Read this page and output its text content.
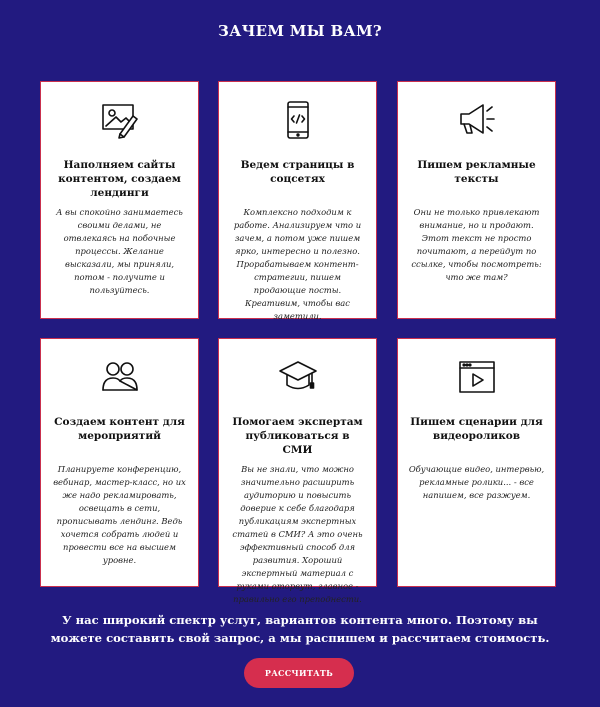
ЗАЧЕМ МЫ ВАМ?
Наполняем сайты контентом, создаем лендинги
А вы спокойно занимаетесь своими делами, не отвлекаясь на побочные процессы. Желание высказали, мы приняли, потом - получите и пользуйтесь.
Ведем страницы в соцсетях
Комплексно подходим к работе. Анализируем что и зачем, а потом уже пишем ярко, интересно и полезно. Прорабатываем контент-стратегии, пишем продающие посты. Креативим, чтобы вас заметили.
Пишем рекламные тексты
Они не только привлекают внимание, но и продают. Этот текст не просто почитают, а перейдут по ссылке, чтобы посмотреть: что же там?
Создаем контент для мероприятий
Планируете конференцию, вебинар, мастер-класс, но их же надо рекламировать, освещать в сети, прописывать лендинг. Ведь хочется собрать людей и провести все на высшем уровне.
Помогаем экспертам публиковаться в СМИ
Вы не знали, что можно значительно расширить аудиторию и повысить доверие к себе благодаря публикациям экспертных статей в СМИ? А это очень эффективный способ для развития. Хороший экспертный материал с руками оторвут, главное - правильно его преподнести.
Пишем сценарии для видеороликов
Обучающие видео, интервью, рекламные ролики... - все напишем, все разжуем.
У нас широкий спектр услуг, вариантов контента много. Поэтому вы можете составить свой запрос, а мы распишем и рассчитаем стоимость.
РАССЧИТАТЬ
